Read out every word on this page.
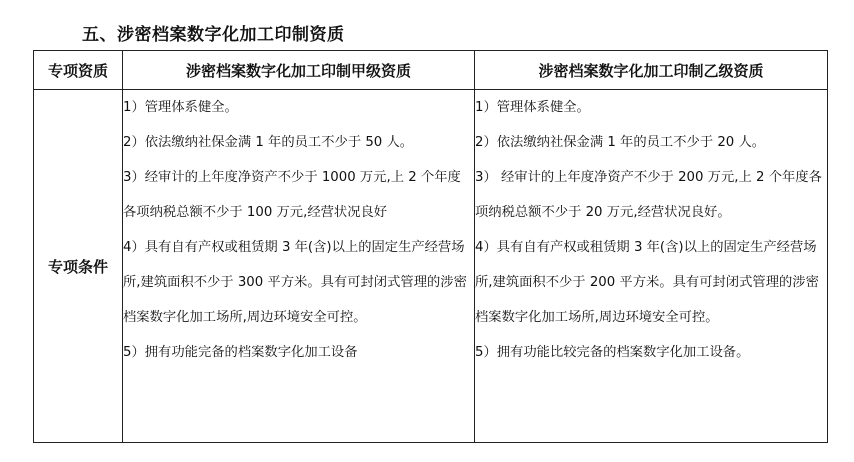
五、涉密档案数字化加工印制资质
专项资质	涉密档案数字化加工印制甲级资质	涉密档案数字化加工印制乙级资质
专项条件	1）管理体系健全。
2）依法缴纳社保金满 1 年的员工不少于 50 人。
3）经审计的上年度净资产不少于 1000 万元,上 2 个年度各项纳税总额不少于 100 万元,经营状况良好
4）具有自有产权或租赁期 3 年(含)以上的固定生产经营场所,建筑面积不少于 300 平方米。具有可封闭式管理的涉密档案数字化加工场所,周边环境安全可控。
5）拥有功能完备的档案数字化加工设备	1）管理体系健全。
2）依法缴纳社保金满 1 年的员工不少于 20 人。
3） 经审计的上年度净资产不少于 200 万元,上 2 个年度各项纳税总额不少于 20 万元,经营状况良好。
4）具有自有产权或租赁期 3 年(含)以上的固定生产经营场所,建筑面积不少于 200 平方米。具有可封闭式管理的涉密档案数字化加工场所,周边环境安全可控。
5）拥有功能比较完备的档案数字化加工设备。
